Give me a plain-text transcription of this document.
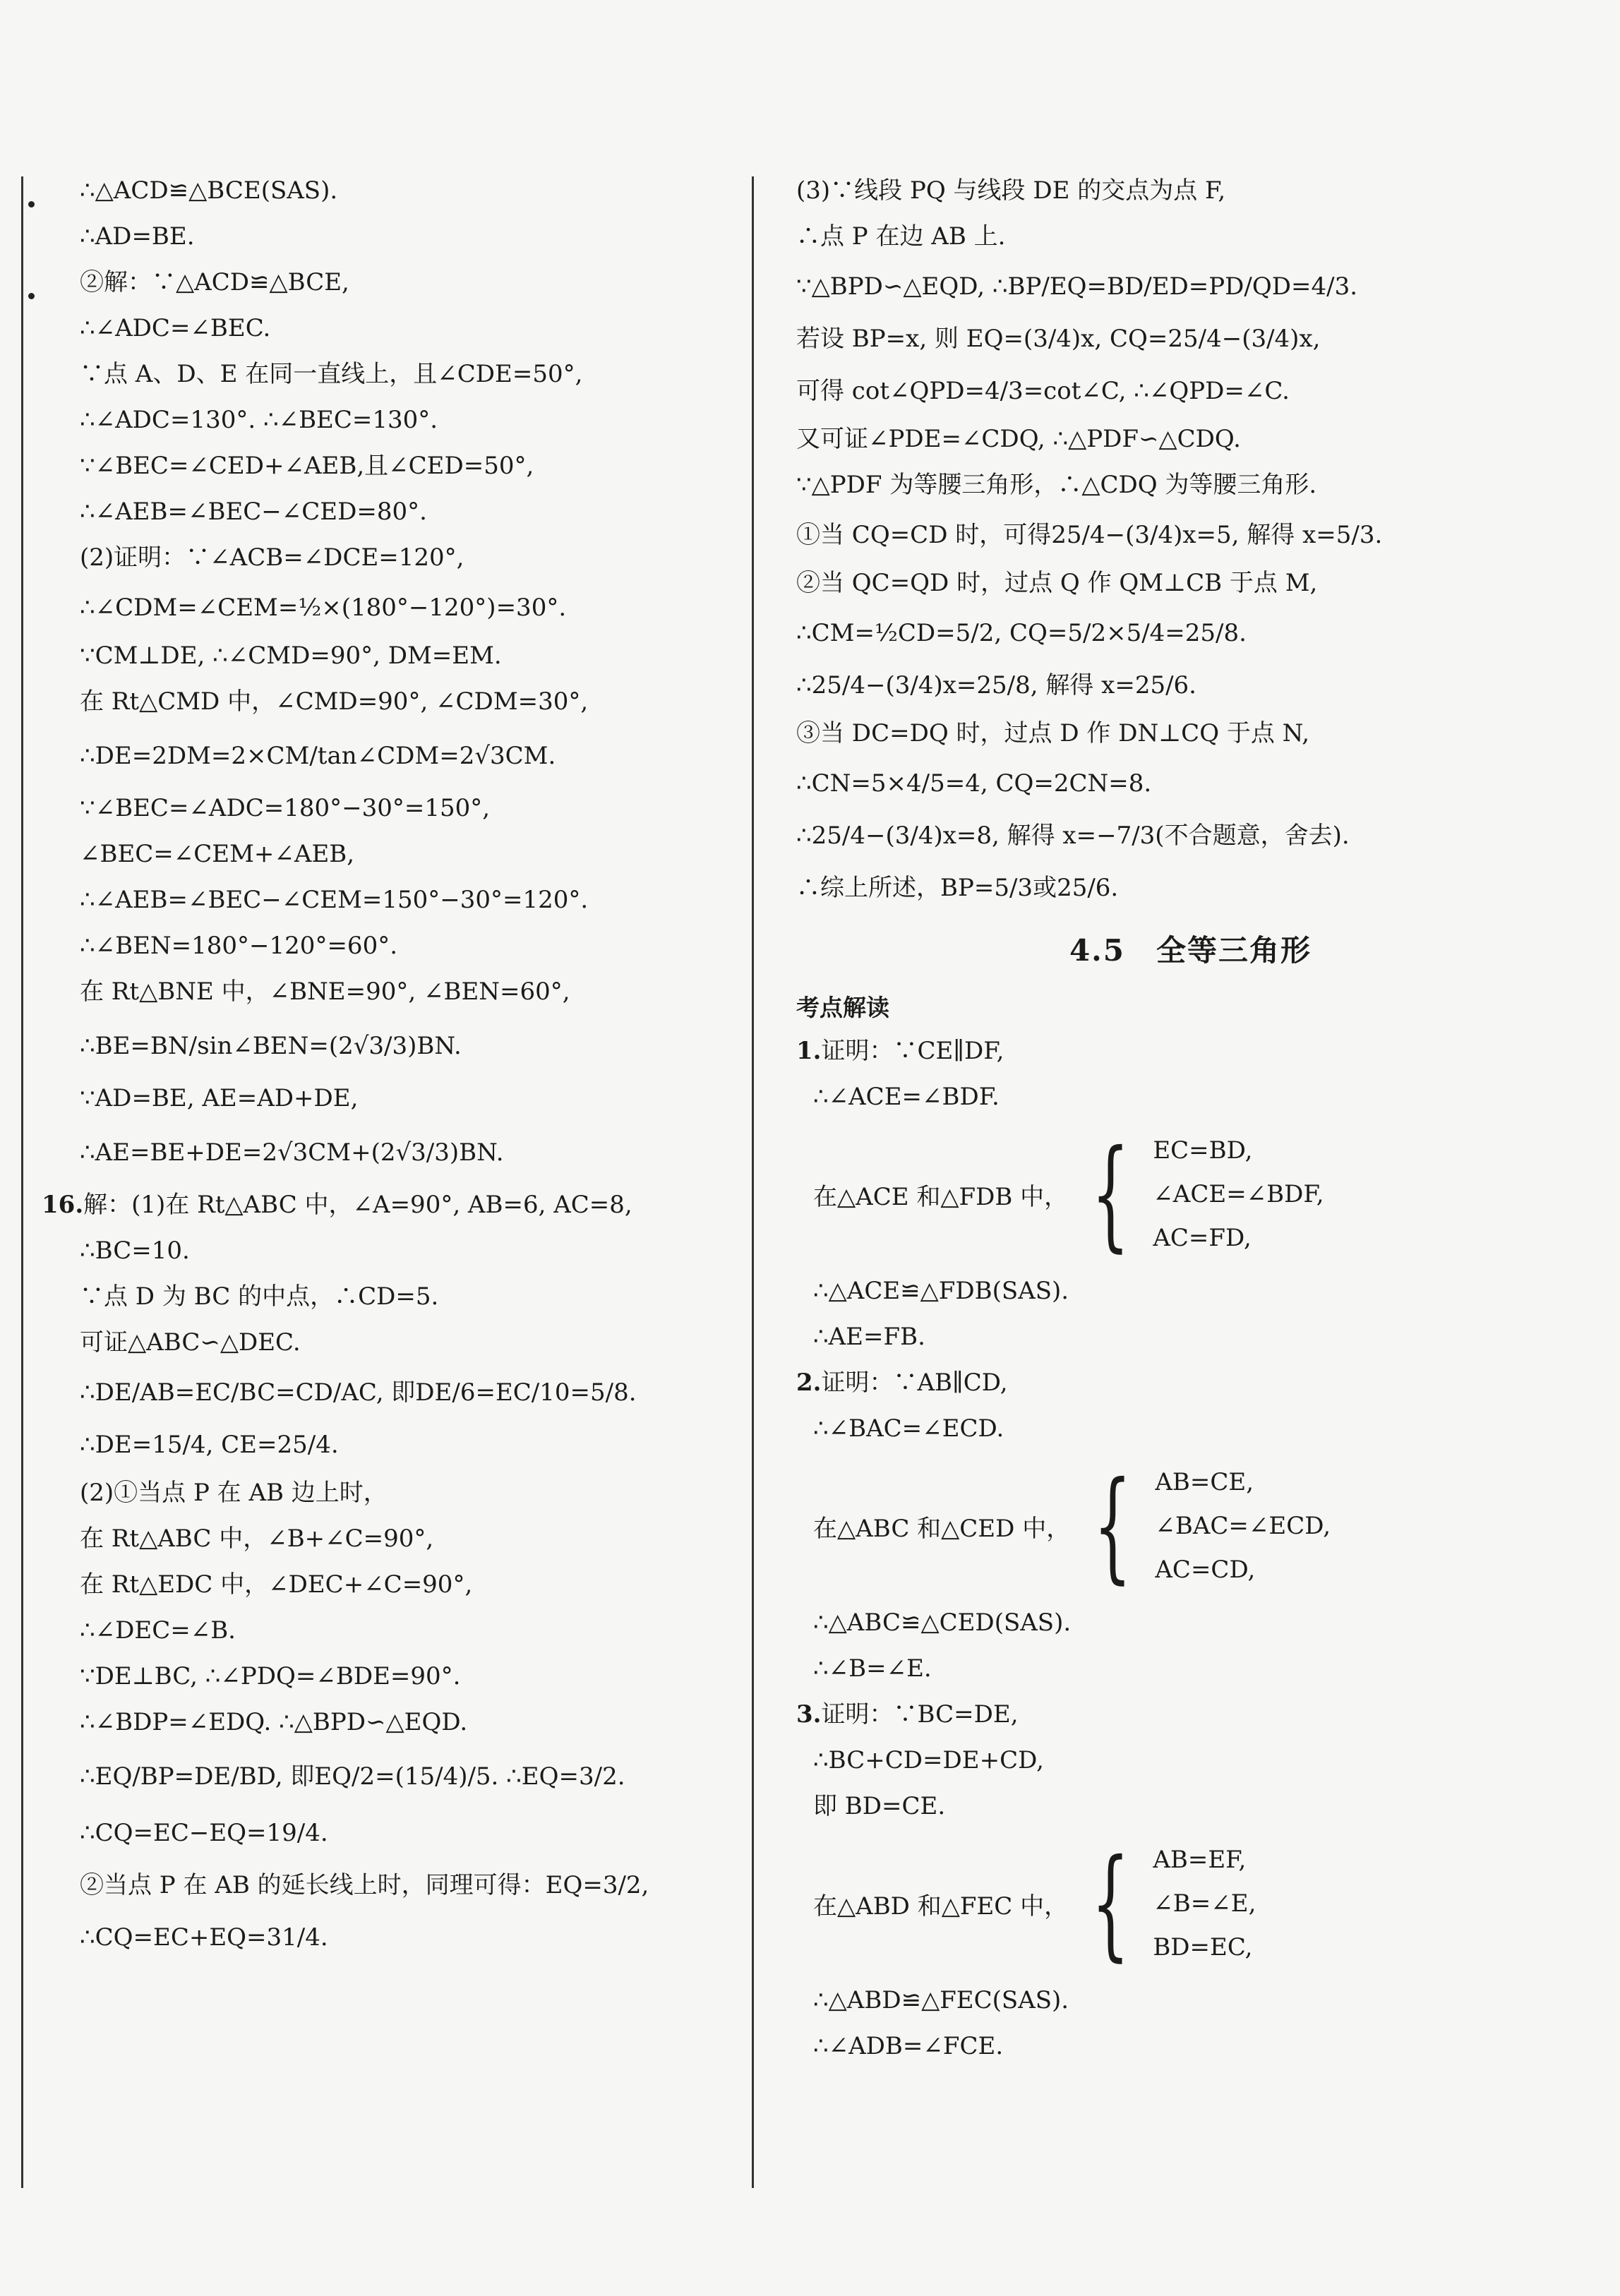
∴△ACD≌△BCE(SAS).
∴AD=BE.
②解：∵△ACD≌△BCE,
∴∠ADC=∠BEC.
∵点 A、D、E 在同一直线上，且∠CDE=50°,
∴∠ADC=130°. ∴∠BEC=130°.
∵∠BEC=∠CED+∠AEB,且∠CED=50°,
∴∠AEB=∠BEC−∠CED=80°.
(2)证明：∵∠ACB=∠DCE=120°,
∴∠CDM=∠CEM=½×(180°−120°)=30°.
∵CM⊥DE, ∴∠CMD=90°, DM=EM.
在 Rt△CMD 中，∠CMD=90°, ∠CDM=30°,
∴DE=2DM=2×CM/tan∠CDM=2√3CM.
∵∠BEC=∠ADC=180°−30°=150°,
∠BEC=∠CEM+∠AEB,
∴∠AEB=∠BEC−∠CEM=150°−30°=120°.
∴∠BEN=180°−120°=60°.
在 Rt△BNE 中，∠BNE=90°, ∠BEN=60°,
∴BE=BN/sin∠BEN=(2√3/3)BN.
∵AD=BE, AE=AD+DE,
∴AE=BE+DE=2√3CM+(2√3/3)BN.
16.解：(1)在 Rt△ABC 中，∠A=90°, AB=6, AC=8,
∴BC=10.
∵点 D 为 BC 的中点，∴CD=5.
可证△ABC∽△DEC.
∴DE/AB=EC/BC=CD/AC, 即DE/6=EC/10=5/8.
∴DE=15/4, CE=25/4.
(2)①当点 P 在 AB 边上时，
在 Rt△ABC 中，∠B+∠C=90°,
在 Rt△EDC 中，∠DEC+∠C=90°,
∴∠DEC=∠B.
∵DE⊥BC, ∴∠PDQ=∠BDE=90°.
∴∠BDP=∠EDQ. ∴△BPD∽△EQD.
∴EQ/BP=DE/BD, 即EQ/2=(15/4)/5. ∴EQ=3/2.
∴CQ=EC−EQ=19/4.
②当点 P 在 AB 的延长线上时，同理可得：EQ=3/2,
∴CQ=EC+EQ=31/4.
(3)∵线段 PQ 与线段 DE 的交点为点 F,
∴点 P 在边 AB 上.
∵△BPD∽△EQD, ∴BP/EQ=BD/ED=PD/QD=4/3.
若设 BP=x, 则 EQ=(3/4)x, CQ=25/4−(3/4)x,
可得 cot∠QPD=4/3=cot∠C, ∴∠QPD=∠C.
又可证∠PDE=∠CDQ, ∴△PDF∽△CDQ.
∵△PDF 为等腰三角形，∴△CDQ 为等腰三角形.
①当 CQ=CD 时，可得25/4−(3/4)x=5, 解得 x=5/3.
②当 QC=QD 时，过点 Q 作 QM⊥CB 于点 M,
∴CM=½CD=5/2, CQ=5/2×5/4=25/8.
∴25/4−(3/4)x=25/8, 解得 x=25/6.
③当 DC=DQ 时，过点 D 作 DN⊥CQ 于点 N,
∴CN=5×4/5=4, CQ=2CN=8.
∴25/4−(3/4)x=8, 解得 x=−7/3(不合题意，舍去).
∴综上所述，BP=5/3或25/6.
4.5　全等三角形
考点解读
1.证明：∵CE∥DF,
∴∠ACE=∠BDF.
在△ACE 和△FDB 中， { EC=BD,
∠ACE=∠BDF,
AC=FD,
∴△ACE≌△FDB(SAS).
∴AE=FB.
2.证明：∵AB∥CD,
∴∠BAC=∠ECD.
在△ABC 和△CED 中， { AB=CE,
∠BAC=∠ECD,
AC=CD,
∴△ABC≌△CED(SAS).
∴∠B=∠E.
3.证明：∵BC=DE,
∴BC+CD=DE+CD,
即 BD=CE.
在△ABD 和△FEC 中， { AB=EF,
∠B=∠E,
BD=EC,
∴△ABD≌△FEC(SAS).
∴∠ADB=∠FCE.
